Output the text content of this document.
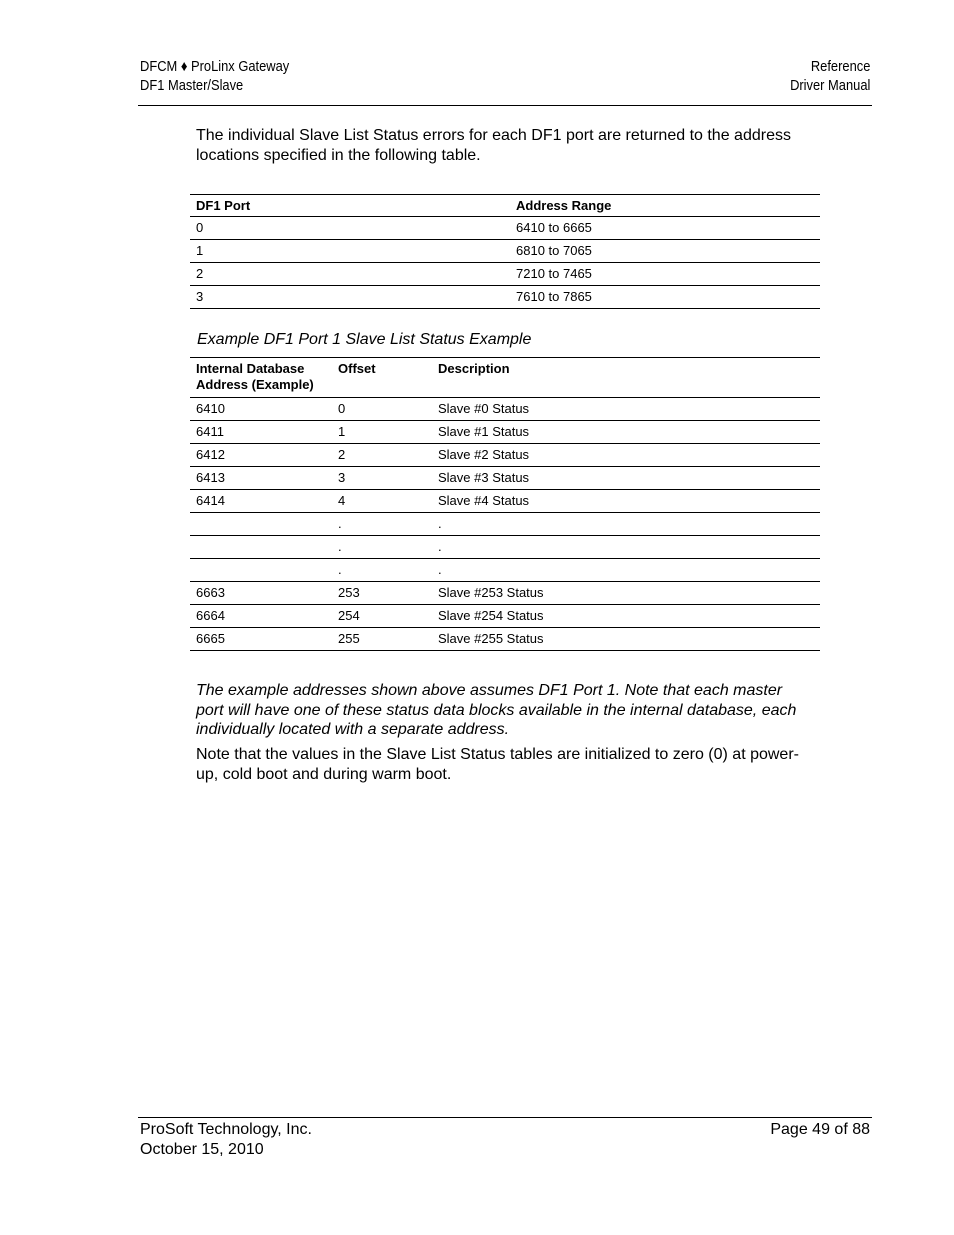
DFCM ♦ ProLinx Gateway
DF1 Master/Slave
Reference
Driver Manual
The individual Slave List Status errors for each DF1 port are returned to the address locations specified in the following table.
DF1 Port	Address Range
0	6410 to 6665
1	6810 to 7065
2	7210 to 7465
3	7610 to 7865
Example DF1 Port 1 Slave List Status Example
Internal Database Address (Example)	Offset	Description
6410	0	Slave #0 Status
6411	1	Slave #1 Status
6412	2	Slave #2 Status
6413	3	Slave #3 Status
6414	4	Slave #4 Status
	.	.
	.	.
	.	.
6663	253	Slave #253 Status
6664	254	Slave #254 Status
6665	255	Slave #255 Status
The example addresses shown above assumes DF1 Port 1. Note that each master port will have one of these status data blocks available in the internal database, each individually located with a separate address.
Note that the values in the Slave List Status tables are initialized to zero (0) at power-up, cold boot and during warm boot.
ProSoft Technology, Inc.
October 15, 2010
Page 49 of 88
